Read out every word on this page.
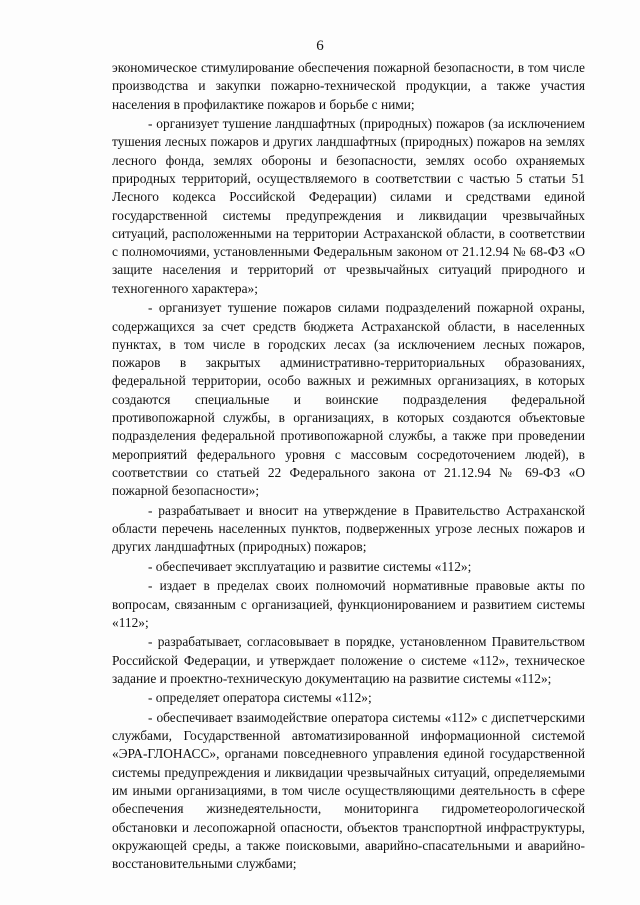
6

экономическое стимулирование обеспечения пожарной безопасности, в том числе производства и закупки пожарно-технической продукции, а также участия населения в профилактике пожаров и борьбе с ними;

- организует тушение ландшафтных (природных) пожаров (за исключением тушения лесных пожаров и других ландшафтных (природных) пожаров на землях лесного фонда, землях обороны и безопасности, землях особо охраняемых природных территорий, осуществляемого в соответствии с частью 5 статьи 51 Лесного кодекса Российской Федерации) силами и средствами единой государственной системы предупреждения и ликвидации чрезвычайных ситуаций, расположенными на территории Астраханской области, в соответствии с полномочиями, установленными Федеральным законом от 21.12.94 № 68-ФЗ «О защите населения и территорий от чрезвычайных ситуаций природного и техногенного характера»;

- организует тушение пожаров силами подразделений пожарной охраны, содержащихся за счет средств бюджета Астраханской области, в населенных пунктах, в том числе в городских лесах (за исключением лесных пожаров, пожаров в закрытых административно-территориальных образованиях, федеральной территории, особо важных и режимных организациях, в которых создаются специальные и воинские подразделения федеральной противопожарной службы, в организациях, в которых создаются объектовые подразделения федеральной противопожарной службы, а также при проведении мероприятий федерального уровня с массовым сосредоточением людей), в соответствии со статьей 22 Федерального закона от 21.12.94 № 69-ФЗ «О пожарной безопасности»;

- разрабатывает и вносит на утверждение в Правительство Астраханской области перечень населенных пунктов, подверженных угрозе лесных пожаров и других ландшафтных (природных) пожаров;

- обеспечивает эксплуатацию и развитие системы «112»;

- издает в пределах своих полномочий нормативные правовые акты по вопросам, связанным с организацией, функционированием и развитием системы «112»;

- разрабатывает, согласовывает в порядке, установленном Правительством Российской Федерации, и утверждает положение о системе «112», техническое задание и проектно-техническую документацию на развитие системы «112»;

- определяет оператора системы «112»;

- обеспечивает взаимодействие оператора системы «112» с диспетчерскими службами, Государственной автоматизированной информационной системой «ЭРА-ГЛОНАСС», органами повседневного управления единой государственной системы предупреждения и ликвидации чрезвычайных ситуаций, определяемыми им иными организациями, в том числе осуществляющими деятельность в сфере обеспечения жизнедеятельности, мониторинга гидрометеорологической обстановки и лесопожарной опасности, объектов транспортной инфраструктуры, окружающей среды, а также поисковыми, аварийно-спасательными и аварийно-восстановительными службами;
